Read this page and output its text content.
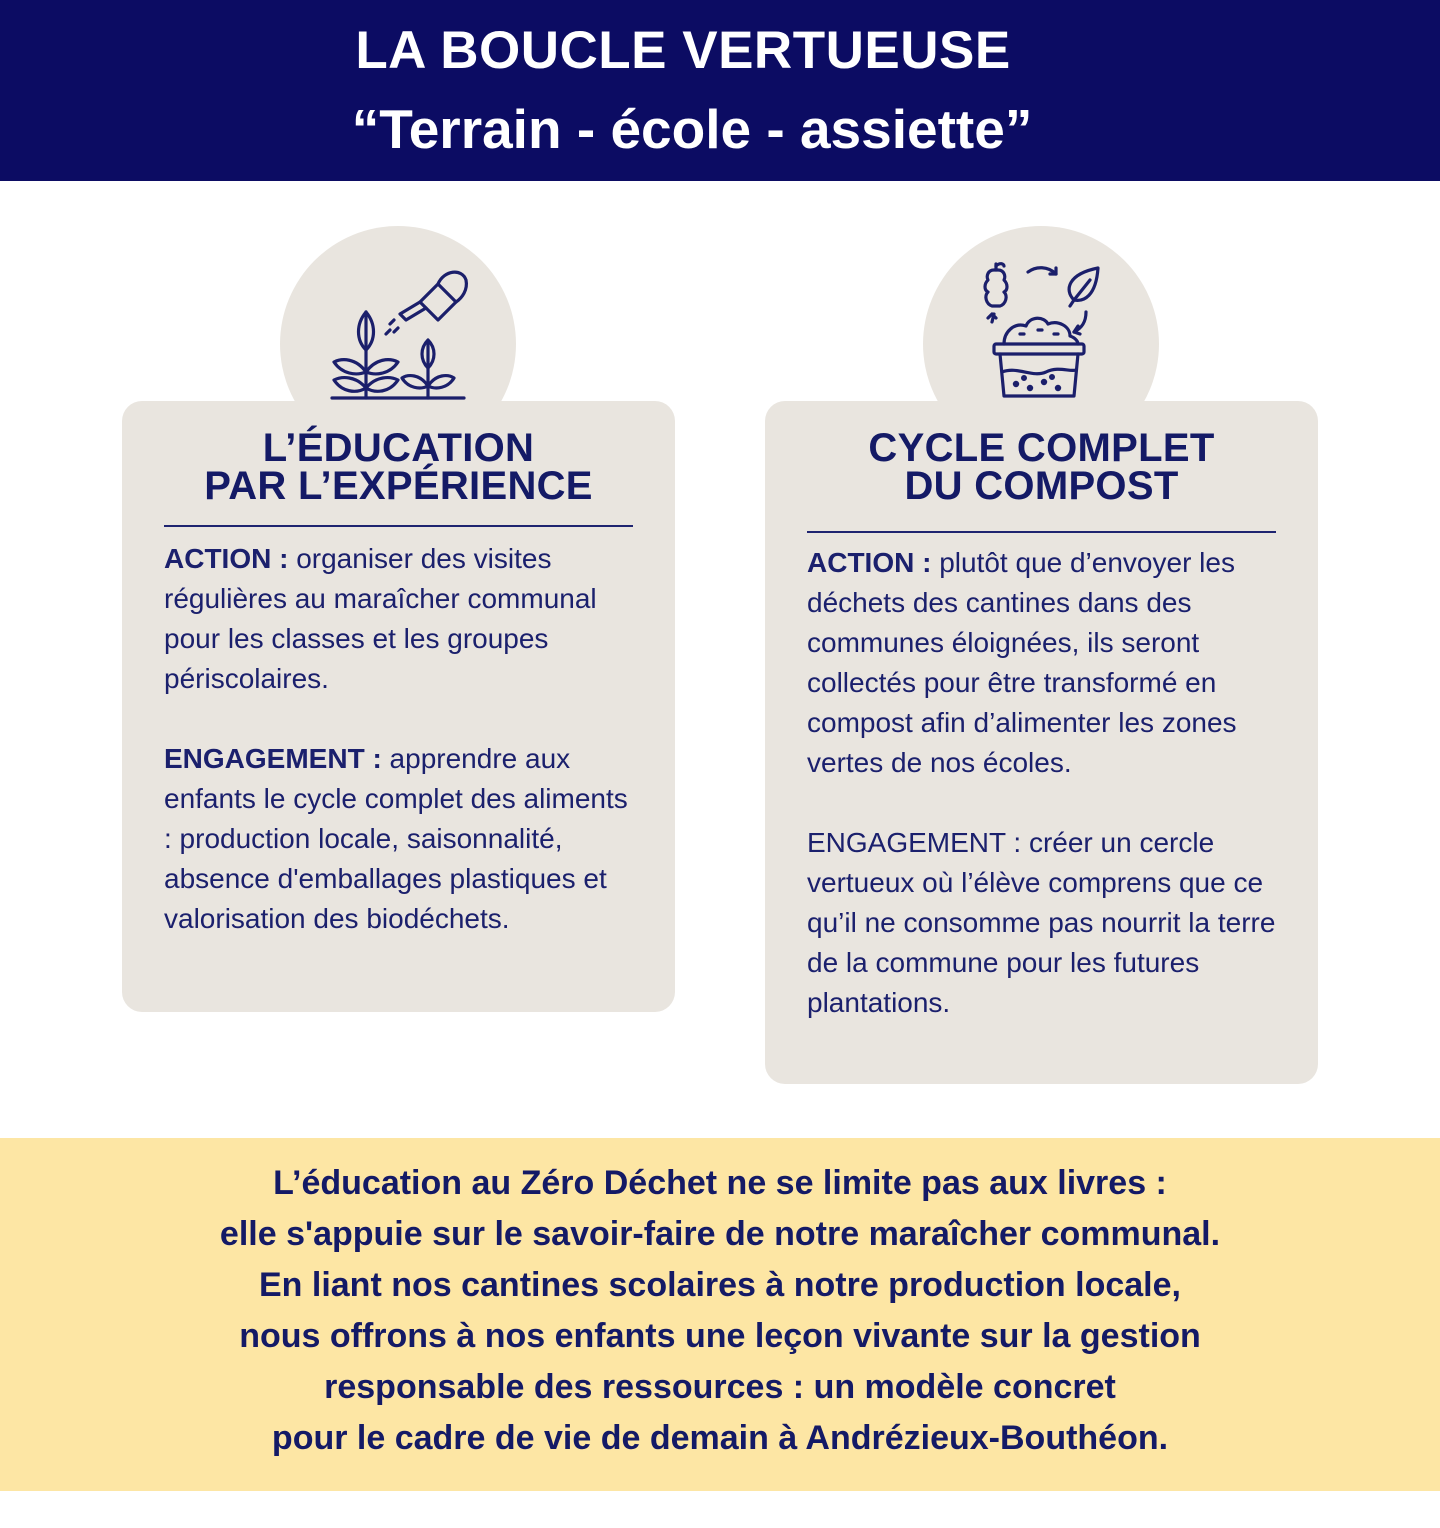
LA BOUCLE VERTUEUSE
“Terrain - école - assiette”
L’ÉDUCATION
PAR L’EXPÉRIENCE

ACTION : organiser des visites régulières au maraîcher communal pour les classes et les groupes périscolaires.

ENGAGEMENT : apprendre aux enfants le cycle complet des aliments : production locale, saisonnalité, absence d'emballages plastiques et valorisation des biodéchets.

CYCLE COMPLET
DU COMPOST

ACTION : plutôt que d’envoyer les déchets des cantines dans des communes éloignées, ils seront collectés pour être transformé en compost afin d’alimenter les zones vertes de nos écoles.

ENGAGEMENT : créer un cercle vertueux où l’élève comprens que ce qu’il ne consomme pas nourrit la terre de la commune pour les futures plantations.

L’éducation au Zéro Déchet ne se limite pas aux livres :
elle s'appuie sur le savoir-faire de notre maraîcher communal.
En liant nos cantines scolaires à notre production locale,
nous offrons à nos enfants une leçon vivante sur la gestion
responsable des ressources : un modèle concret
pour le cadre de vie de demain à Andrézieux-Bouthéon.
